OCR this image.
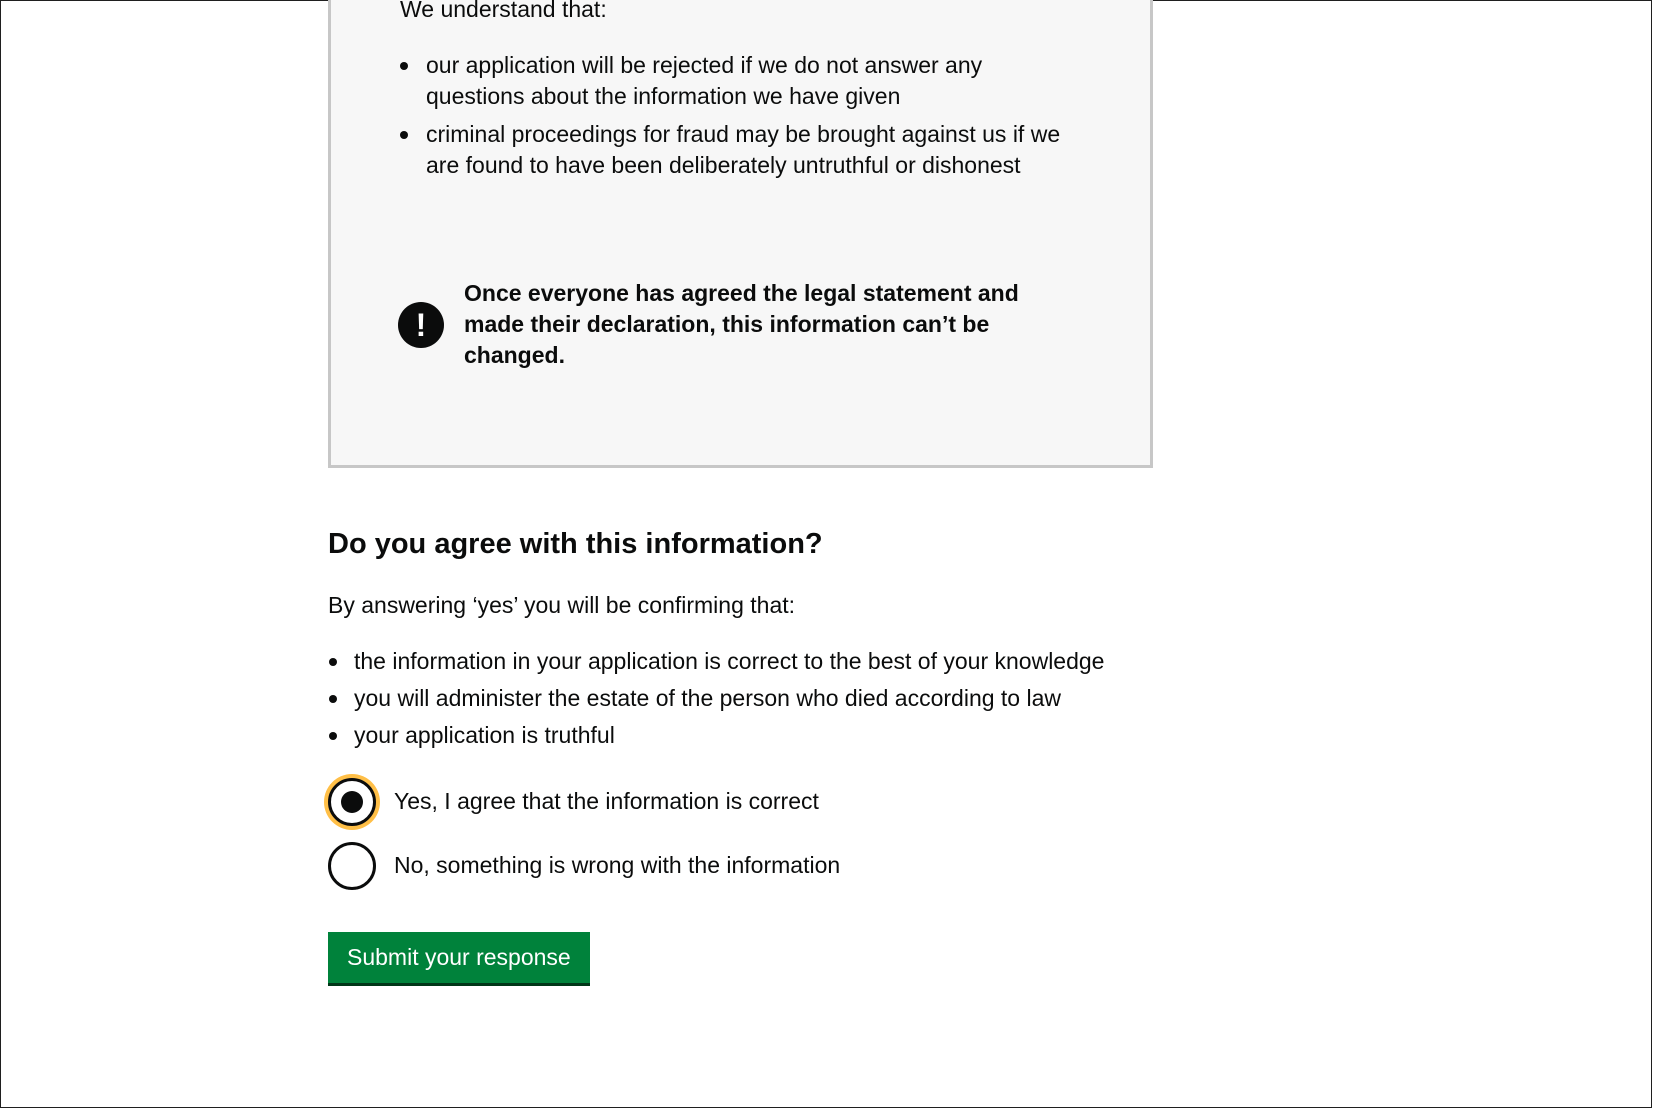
We understand that:
our application will be rejected if we do not answer any questions about the information we have given
criminal proceedings for fraud may be brought against us if we are found to have been deliberately untruthful or dishonest
!
Once everyone has agreed the legal statement and made their declaration, this information can’t be changed.
Do you agree with this information?

By answering ‘yes’ you will be confirming that:

the information in your application is correct to the best of your knowledge
you will administer the estate of the person who died according to law
your application is truthful
Yes, I agree that the information is correct
No, something is wrong with the information
Submit your response
